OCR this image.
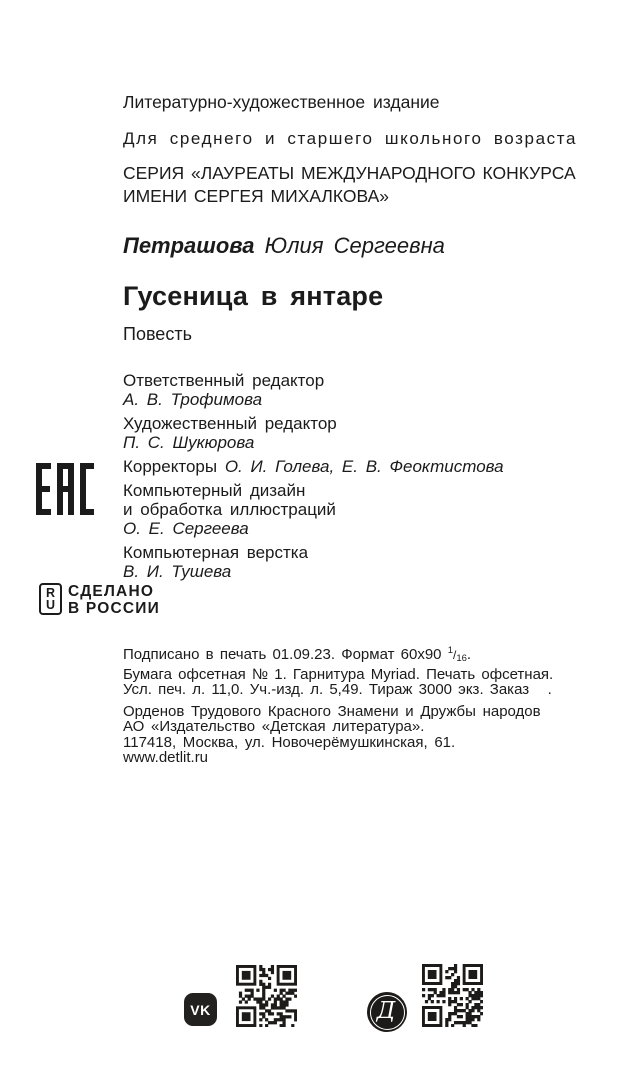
Литературно-художественное издание
Для среднего и старшего школьного возраста
СЕРИЯ «ЛАУРЕАТЫ МЕЖДУНАРОДНОГО КОНКУРСА
ИМЕНИ СЕРГЕЯ МИХАЛКОВА»
Петрашова Юлия Сергеевна
Гусеница в янтаре
Повесть
Ответственный редактор
А. В. Трофимова
Художественный редактор
П. С. Шукюрова
Корректоры О. И. Голева, Е. В. Феоктистова
Компьютерный дизайн
и обработка иллюстраций
О. Е. Сергеева
Компьютерная верстка
В. И. Тушева
R
U
СДЕЛАНО
В РОССИИ
Подписано в печать 01.09.23. Формат 60х90 $^1$/16.
Бумага офсетная № 1. Гарнитура Myriad. Печать офсетная.
Усл. печ. л. 11,0. Уч.-изд. л. 5,49. Тираж 3000 экз. Заказ   .
Орденов Трудового Красного Знамени и Дружбы народов
АО «Издательство «Детская литература».
117418, Москва, ул. Новочерёмушкинская, 61.
www.detlit.ru
VK	Д
